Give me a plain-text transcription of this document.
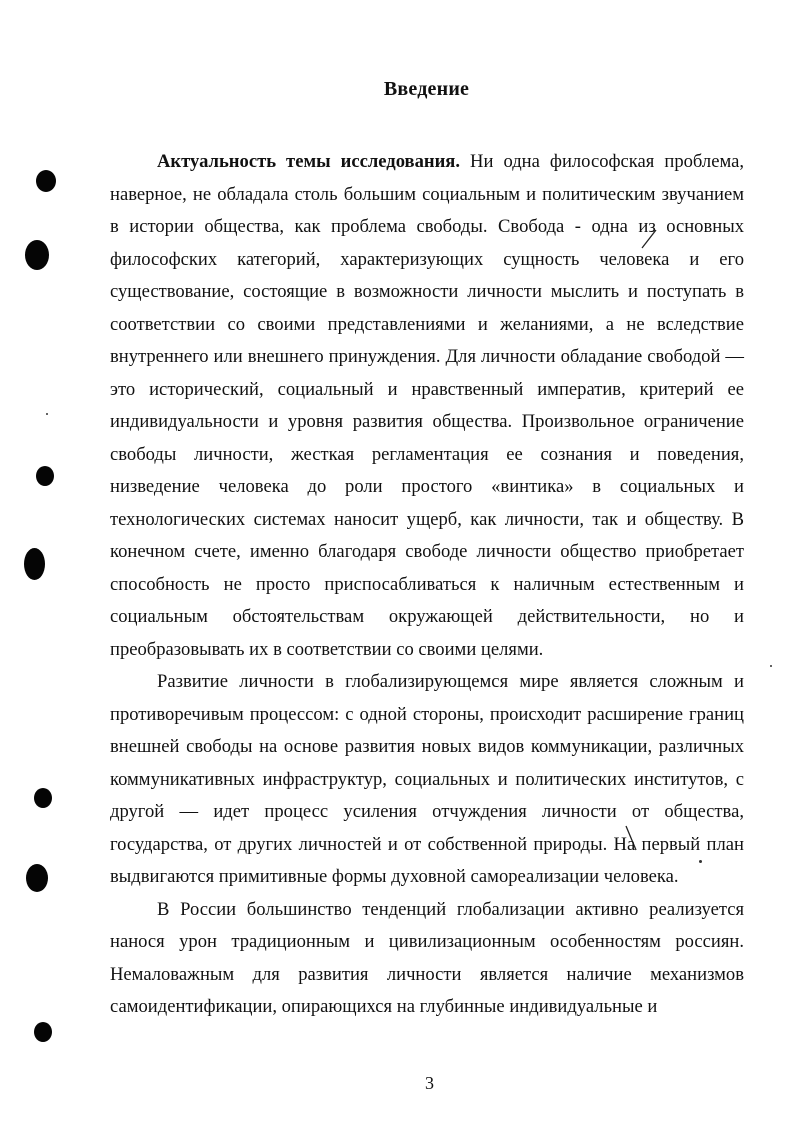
Введение

Актуальность темы исследования. Ни одна философская проблема, наверное, не обладала столь большим социальным и политическим звучанием в истории общества, как проблема свободы. Свобода - одна из основных философских категорий, характеризующих сущность человека и его существование, состоящие в возможности личности мыслить и поступать в соответствии со своими представлениями и желаниями, а не вследствие внутреннего или внешнего принуждения. Для личности обладание свободой — это исторический, социальный и нравственный императив, критерий ее индивидуальности и уровня развития общества. Произвольное ограничение свободы личности, жесткая регламентация ее сознания и поведения, низведение человека до роли простого «винтика» в социальных и технологических системах наносит ущерб, как личности, так и обществу. В конечном счете, именно благодаря свободе личности общество приобретает способность не просто приспосабливаться к наличным естественным и социальным обстоятельствам окружающей действительности, но и преобразовывать их в соответствии со своими целями.

Развитие личности в глобализирующемся мире является сложным и противоречивым процессом: с одной стороны, происходит расширение границ внешней свободы на основе развития новых видов коммуникации, различных коммуникативных инфраструктур, социальных и политических институтов, с другой — идет процесс усиления отчуждения личности от общества, государства, от других личностей и от собственной природы. На первый план выдвигаются примитивные формы духовной самореализации человека.

В России большинство тенденций глобализации активно реализуется нанося урон традиционным и цивилизационным особенностям россиян. Немаловажным для развития личности является наличие механизмов самоидентификации, опирающихся на глубинные индивидуальные и

3
